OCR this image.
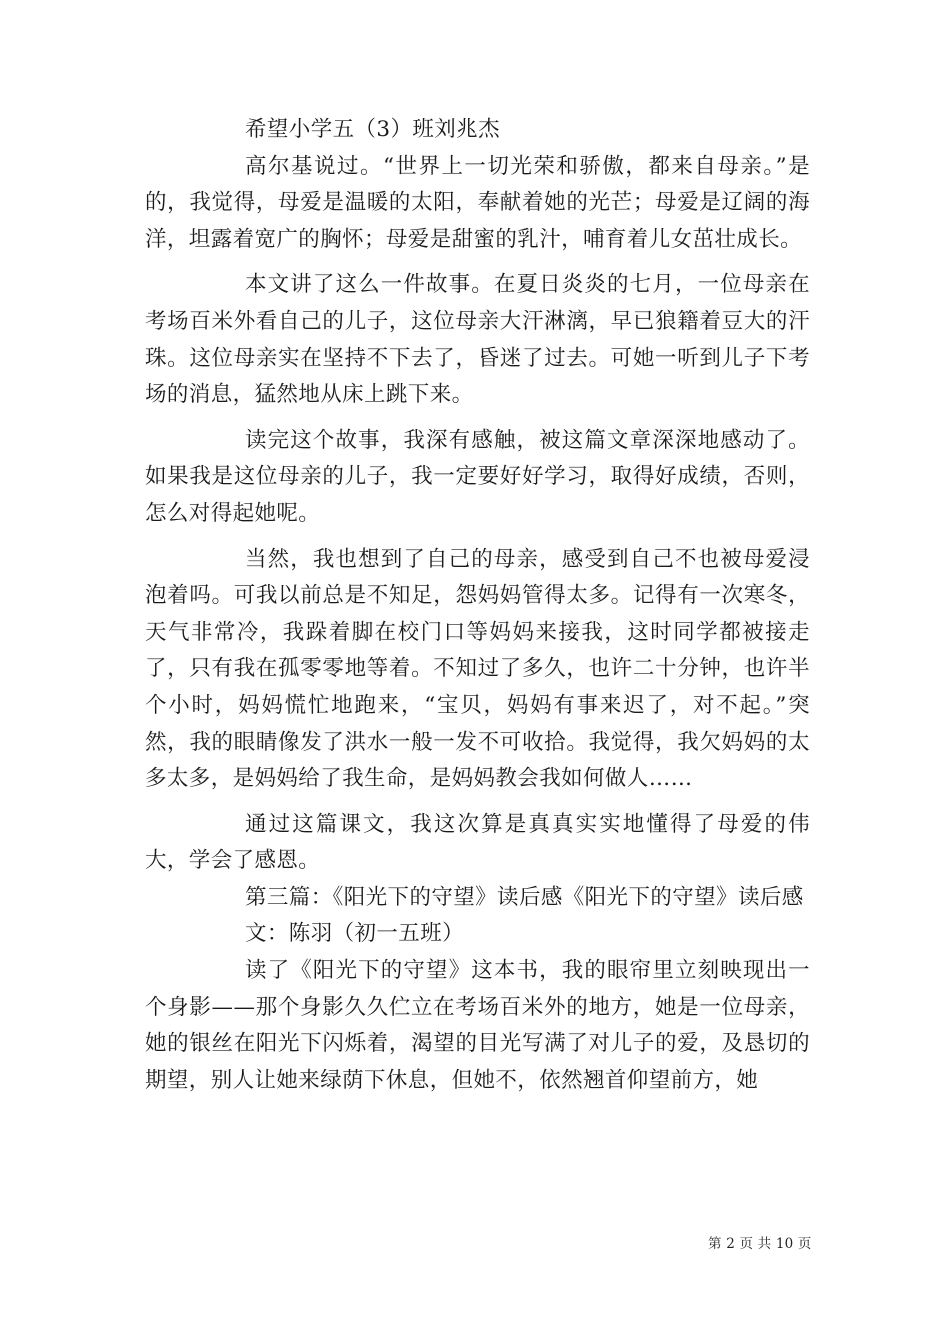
希望小学五（3）班刘兆杰

高尔基说过。“世界上一切光荣和骄傲，都来自母亲。”是的，我觉得，母爱是温暖的太阳，奉献着她的光芒；母爱是辽阔的海洋，坦露着宽广的胸怀；母爱是甜蜜的乳汁，哺育着儿女茁壮成长。

本文讲了这么一件故事。在夏日炎炎的七月，一位母亲在考场百米外看自己的儿子，这位母亲大汗淋漓，早已狼籍着豆大的汗珠。这位母亲实在坚持不下去了，昏迷了过去。可她一听到儿子下考场的消息，猛然地从床上跳下来。

读完这个故事，我深有感触，被这篇文章深深地感动了。如果我是这位母亲的儿子，我一定要好好学习，取得好成绩，否则，怎么对得起她呢。

当然，我也想到了自己的母亲，感受到自己不也被母爱浸泡着吗。可我以前总是不知足，怨妈妈管得太多。记得有一次寒冬，天气非常冷，我跺着脚在校门口等妈妈来接我，这时同学都被接走了，只有我在孤零零地等着。不知过了多久，也许二十分钟，也许半个小时，妈妈慌忙地跑来，“宝贝，妈妈有事来迟了，对不起。”突然，我的眼睛像发了洪水一般一发不可收拾。我觉得，我欠妈妈的太多太多，是妈妈给了我生命，是妈妈教会我如何做人……

通过这篇课文，我这次算是真真实实地懂得了母爱的伟大，学会了感恩。

第三篇：《阳光下的守望》读后感《阳光下的守望》读后感

文：陈羽（初一五班）

读了《阳光下的守望》这本书，我的眼帘里立刻映现出一个身影——那个身影久久伫立在考场百米外的地方，她是一位母亲，她的银丝在阳光下闪烁着，渴望的目光写满了对儿子的爱，及恳切的期望，别人让她来绿荫下休息，但她不，依然翘首仰望前方，她

第 2 页 共 10 页
